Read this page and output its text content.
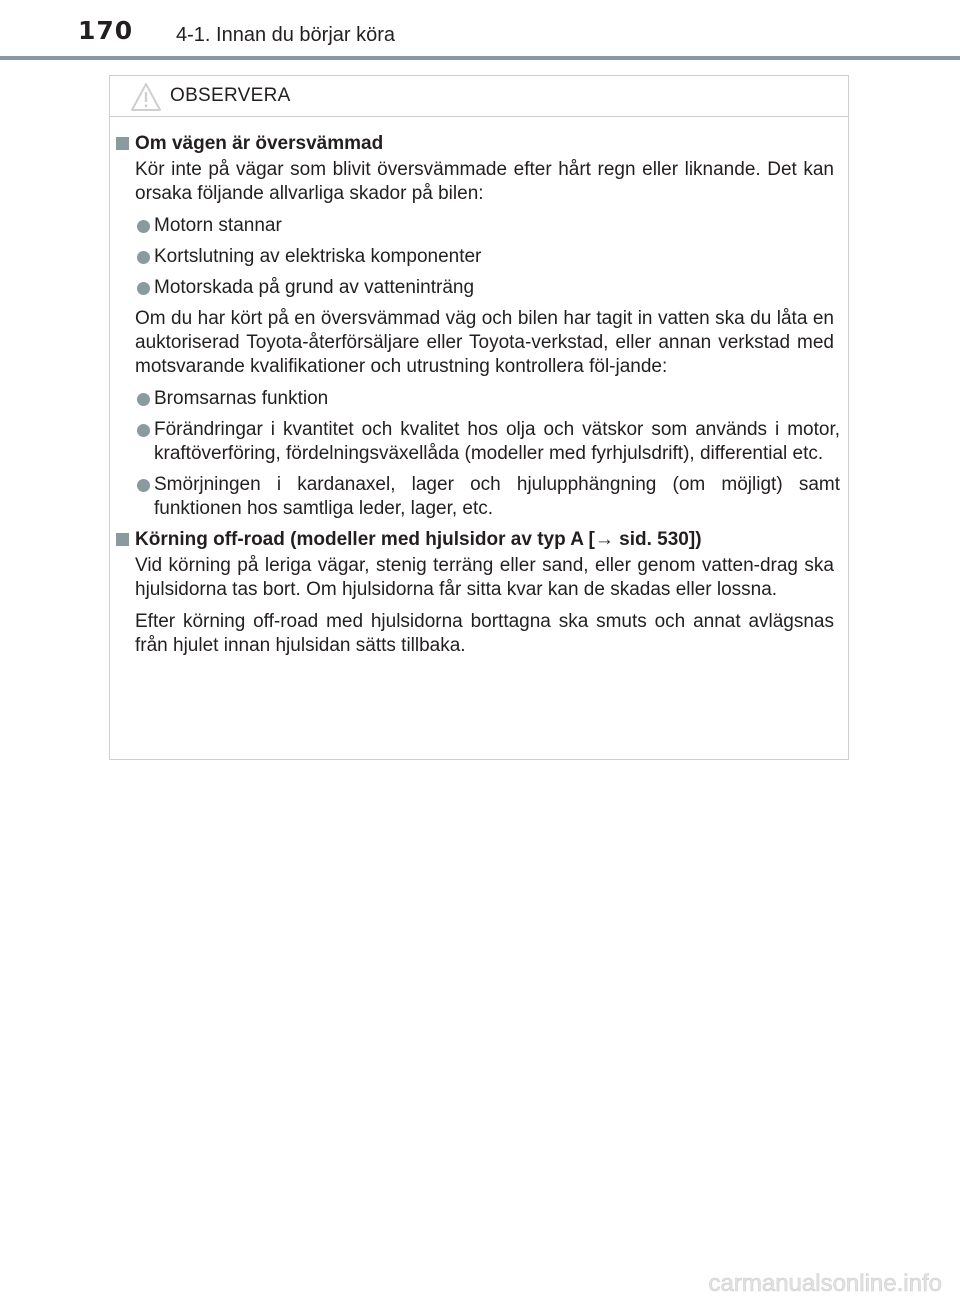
170 4-1. Innan du börjar köra
OBSERVERA
Om vägen är översvämmad
Kör inte på vägar som blivit översvämmade efter hårt regn eller liknande. Det kan orsaka följande allvarliga skador på bilen:
Motorn stannar
Kortslutning av elektriska komponenter
Motorskada på grund av vatteninträng
Om du har kört på en översvämmad väg och bilen har tagit in vatten ska du låta en auktoriserad Toyota-återförsäljare eller Toyota-verkstad, eller annan verkstad med motsvarande kvalifikationer och utrustning kontrollera föl-jande:
Bromsarnas funktion
Förändringar i kvantitet och kvalitet hos olja och vätskor som används i motor, kraftöverföring, fördelningsväxellåda (modeller med fyrhjulsdrift), differential etc.
Smörjningen i kardanaxel, lager och hjulupphängning (om möjligt) samt funktionen hos samtliga leder, lager, etc.
Körning off-road (modeller med hjulsidor av typ A [→ sid. 530])
Vid körning på leriga vägar, stenig terräng eller sand, eller genom vatten-drag ska hjulsidorna tas bort. Om hjulsidorna får sitta kvar kan de skadas eller lossna.
Efter körning off-road med hjulsidorna borttagna ska smuts och annat avlägsnas från hjulet innan hjulsidan sätts tillbaka.
carmanualsonline.info
